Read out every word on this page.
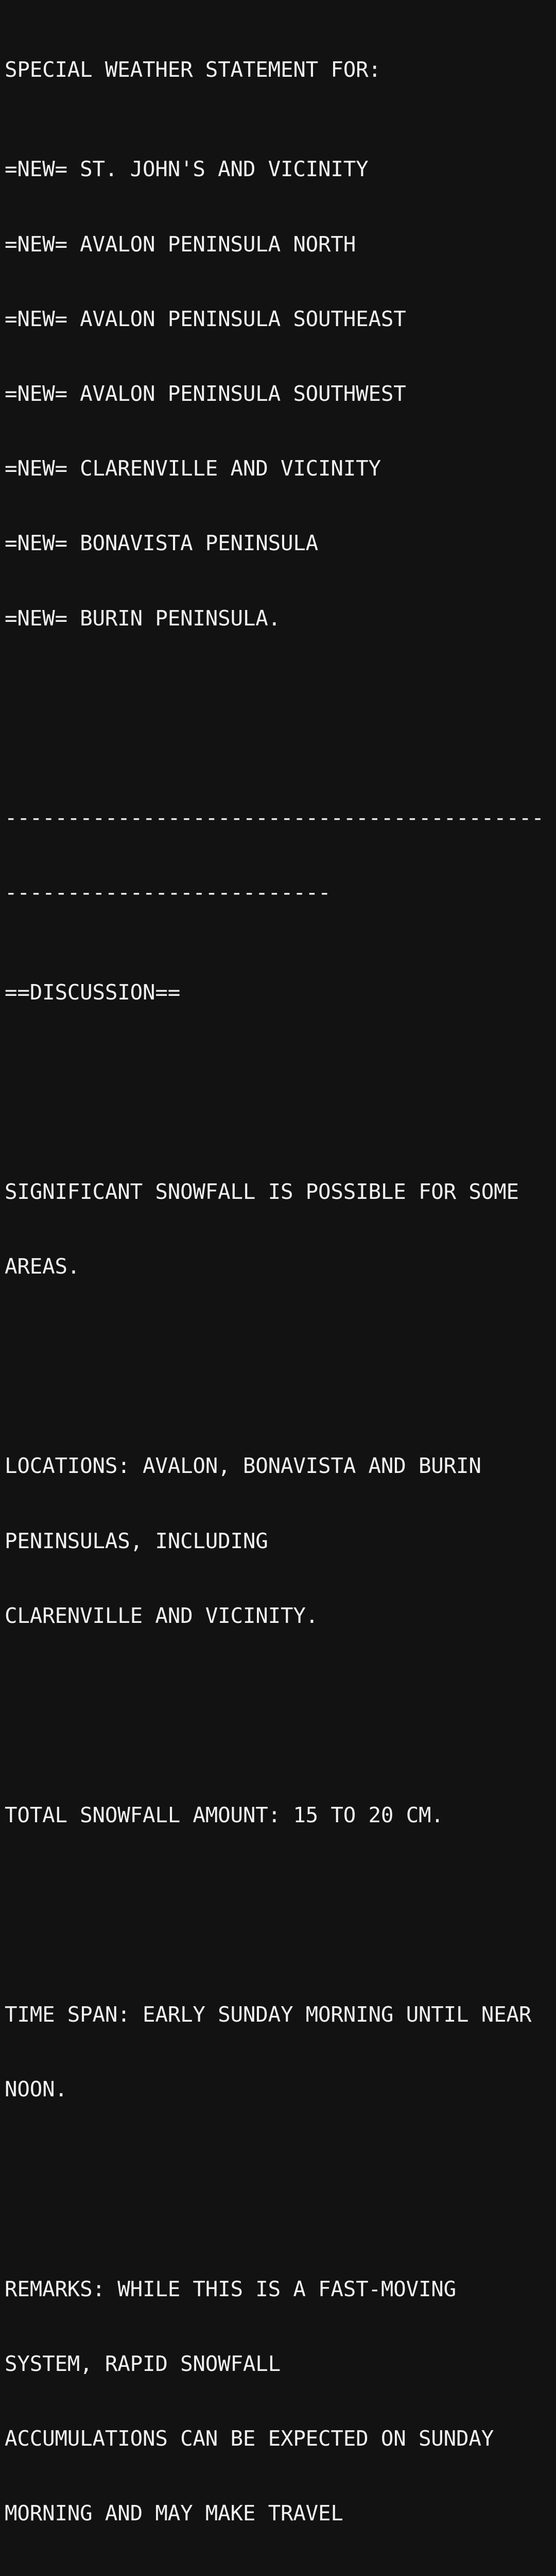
SPECIAL WEATHER STATEMENT FOR:

=NEW= ST. JOHN'S AND VICINITY

=NEW= AVALON PENINSULA NORTH

=NEW= AVALON PENINSULA SOUTHEAST

=NEW= AVALON PENINSULA SOUTHWEST

=NEW= CLARENVILLE AND VICINITY

=NEW= BONAVISTA PENINSULA

=NEW= BURIN PENINSULA.

-------------------------------------------

--------------------------

==DISCUSSION==

SIGNIFICANT SNOWFALL IS POSSIBLE FOR SOME

AREAS.

LOCATIONS: AVALON, BONAVISTA AND BURIN

PENINSULAS, INCLUDING

CLARENVILLE AND VICINITY.

TOTAL SNOWFALL AMOUNT: 15 TO 20 CM.

TIME SPAN: EARLY SUNDAY MORNING UNTIL NEAR

NOON.

REMARKS: WHILE THIS IS A FAST-MOVING

SYSTEM, RAPID SNOWFALL

ACCUMULATIONS CAN BE EXPECTED ON SUNDAY

MORNING AND MAY MAKE TRAVEL
